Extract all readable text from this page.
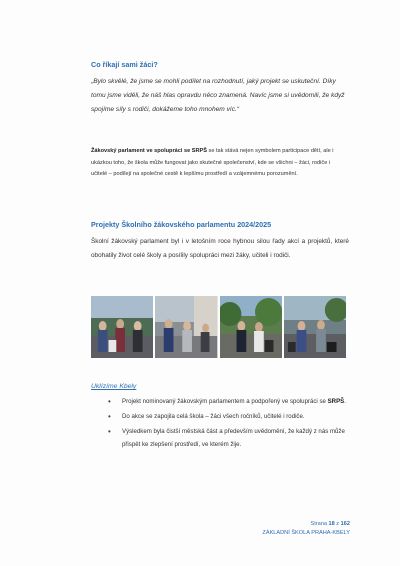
Co říkají sami žáci?

„Bylo skvělé, že jsme se mohli podílet na rozhodnutí, jaký projekt se uskuteční. Díky tomu jsme viděli, že náš hlas opravdu něco znamená. Navíc jsme si uvědomili, že když spojíme síly s rodiči, dokážeme toho mnohem víc.“

Žákovský parlament ve spolupráci se SRPŠ se tak stává nejen symbolem participace dětí, ale i ukázkou toho, že škola může fungovat jako skutečné společenství, kde se všichni – žáci, rodiče i učitelé – podílejí na společné cestě k lepšímu prostředí a vzájemnému porozumění.

Projekty Školního žákovského parlamentu 2024/2025

Školní žákovský parlament byl i v letošním roce hybnou silou řady akcí a projektů, které obohatily život celé školy a posílily spolupráci mezi žáky, učiteli i rodiči.

Uklízíme Kbely

• Projekt nominovaný žákovským parlamentem a podpořený ve spolupráci se SRPŠ.
• Do akce se zapojila celá škola – žáci všech ročníků, učitelé i rodiče.
• Výsledkem byla čistší městská část a především uvědomění, že každý z nás může přispět ke zlepšení prostředí, ve kterém žije.
Strana 18 z 162
ZÁKLADNÍ ŠKOLA PRAHA-KBELY
